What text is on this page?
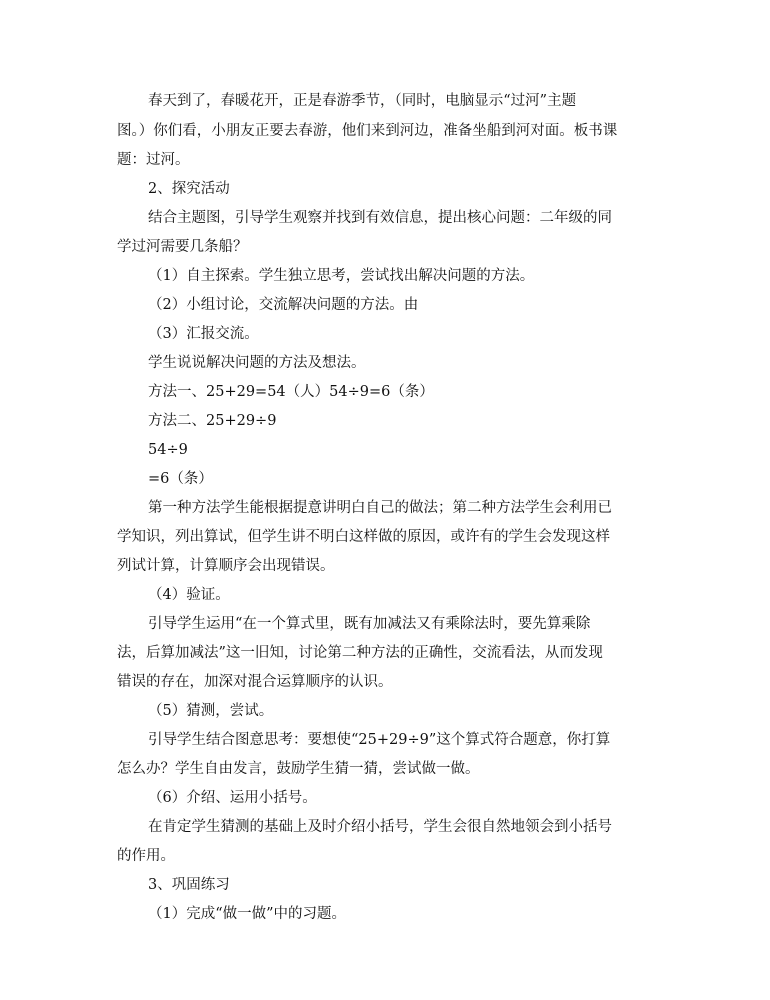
春天到了，春暖花开，正是春游季节，（同时，电脑显示“过河”主题

图。）你们看，小朋友正要去春游，他们来到河边，准备坐船到河对面。板书课

题：过河。

2、探究活动

结合主题图，引导学生观察并找到有效信息，提出核心问题：二年级的同

学过河需要几条船？

（1）自主探索。学生独立思考，尝试找出解决问题的方法。

（2）小组讨论，交流解决问题的方法。由

（3）汇报交流。

学生说说解决问题的方法及想法。

方法一、25+29=54（人）54÷9=6（条）

方法二、25+29÷9

54÷9

=6（条）

第一种方法学生能根据提意讲明白自己的做法；第二种方法学生会利用已

学知识，列出算试，但学生讲不明白这样做的原因，或许有的学生会发现这样

列试计算，计算顺序会出现错误。

（4）验证。

引导学生运用“在一个算式里，既有加减法又有乘除法时，要先算乘除

法，后算加减法”这一旧知，讨论第二种方法的正确性，交流看法，从而发现

错误的存在，加深对混合运算顺序的认识。

（5）猜测，尝试。

引导学生结合图意思考：要想使“25+29÷9”这个算式符合题意，你打算

怎么办？学生自由发言，鼓励学生猜一猜，尝试做一做。

（6）介绍、运用小括号。

在肯定学生猜测的基础上及时介绍小括号，学生会很自然地领会到小括号

的作用。

3、巩固练习

（1）完成“做一做”中的习题。
